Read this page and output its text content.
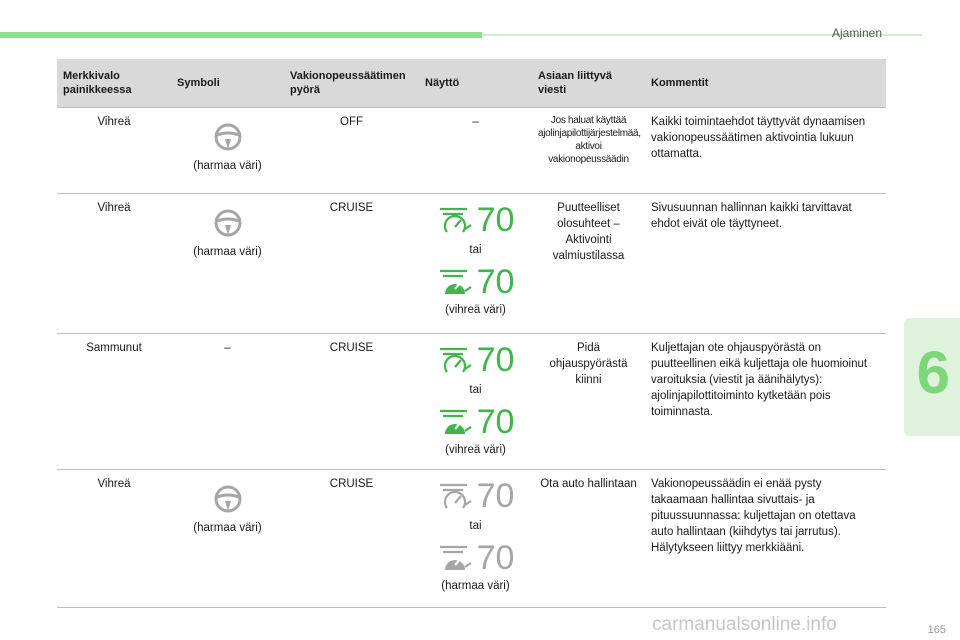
Ajaminen
6
165
carmanualsonline.info
Merkkivalo painikkeessa	Symboli	Vakionopeussäätimen pyörä	Näyttö	Asiaan liittyvä viesti	Kommentit
Vihreä	(harmaa väri)	OFF	–	Jos haluat käyttää ajolinjapilottijärjestelmää, aktivoi vakionopeussäädin	Kaikki toimintaehdot täyttyvät dynaamisen vakionopeussäätimen aktivointia lukuun ottamatta.
Vihreä	(harmaa väri)	CRUISE	70
tai
70
(vihreä väri)	Puutteelliset olosuhteet – Aktivointi valmiustilassa	Sivusuunnan hallinnan kaikki tarvittavat ehdot eivät ole täyttyneet.
Sammunut	–	CRUISE	70
tai
70
(vihreä väri)	Pidä ohjauspyörästä kiinni	Kuljettajan ote ohjauspyörästä on puutteellinen eikä kuljettaja ole huomioinut varoituksia (viestit ja äänihälytys): ajolinjapilottitoiminto kytketään pois toiminnasta.
Vihreä	(harmaa väri)	CRUISE	70
tai
70
(harmaa väri)	Ota auto hallintaan	Vakionopeussäädin ei enää pysty takaamaan hallintaa sivuttais- ja pituussuunnassa: kuljettajan on otettava auto hallintaan (kiihdytys tai jarrutus). Hälytykseen liittyy merkkiääni.
